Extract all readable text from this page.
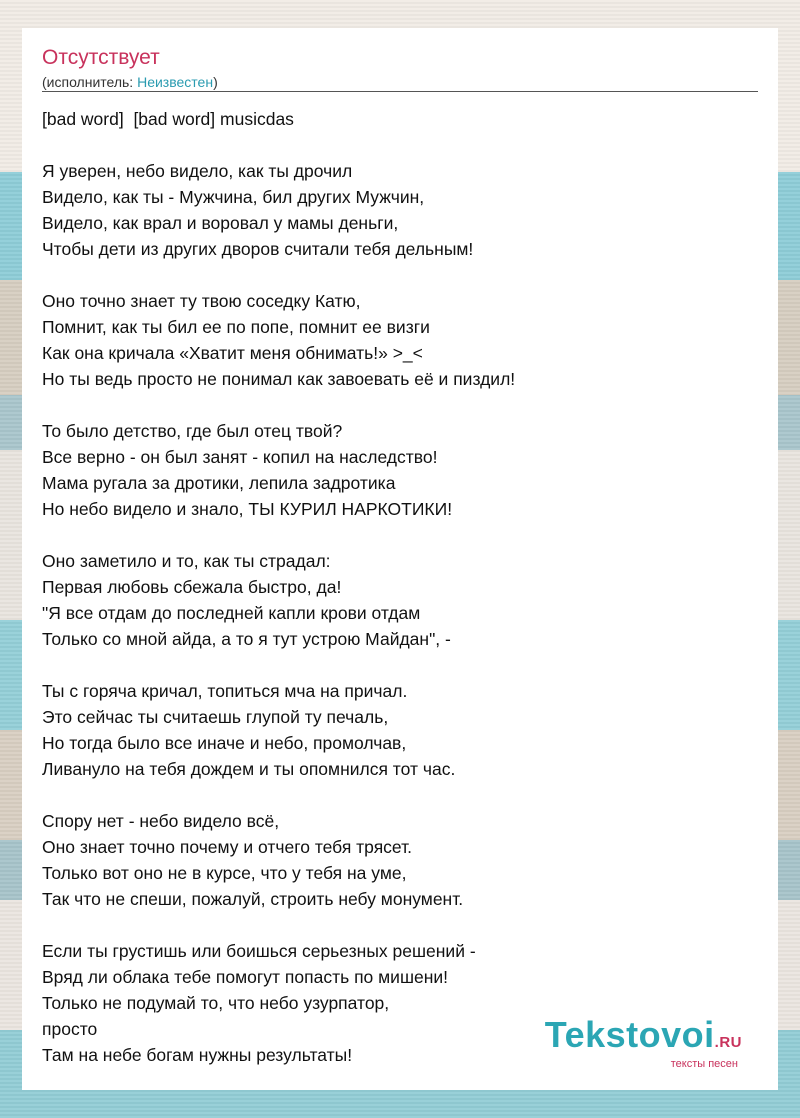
Отсутствует
(исполнитель: Неизвестен)
[bad word]  [bad word] musicdas
Я уверен, небо видело, как ты дрочил
Видело, как ты - Мужчина, бил других Мужчин,
Видело, как врал и воровал у мамы деньги,
Чтобы дети из других дворов считали тебя дельным!
Оно точно знает ту твою соседку Катю,
Помнит, как ты бил ее по попе, помнит ее визги
Как она кричала «Хватит меня обнимать!» >_<
Но ты ведь просто не понимал как завоевать её и пиздил!
То было детство, где был отец твой?
Все верно - он был занят - копил на наследство!
Мама ругала за дротики, лепила задротика
Но небо видело и знало, ТЫ КУРИЛ НАРКОТИКИ!
Оно заметило и то, как ты страдал:
Первая любовь сбежала быстро, да!
"Я все отдам до последней капли крови отдам
Только со мной айда, а то я тут устрою Майдан", -
Ты с горяча кричал, топиться мча на причал.
Это сейчас ты считаешь глупой ту печаль,
Но тогда было все иначе и небо, промолчав,
Ливануло на тебя дождем и ты опомнился тот час.
Спору нет - небо видело всё,
Оно знает точно почему и отчего тебя трясет.
Только вот оно не в курсе, что у тебя на уме,
Так что не спеши, пожалуй, строить небу монумент.
Если ты грустишь или боишься серьезных решений -
Вряд ли облака тебе помогут попасть по мишени!
Только не подумай то, что небо узурпатор,
просто
Там на небе богам нужны результаты!	Tekstovoi.RU
тексты песен
